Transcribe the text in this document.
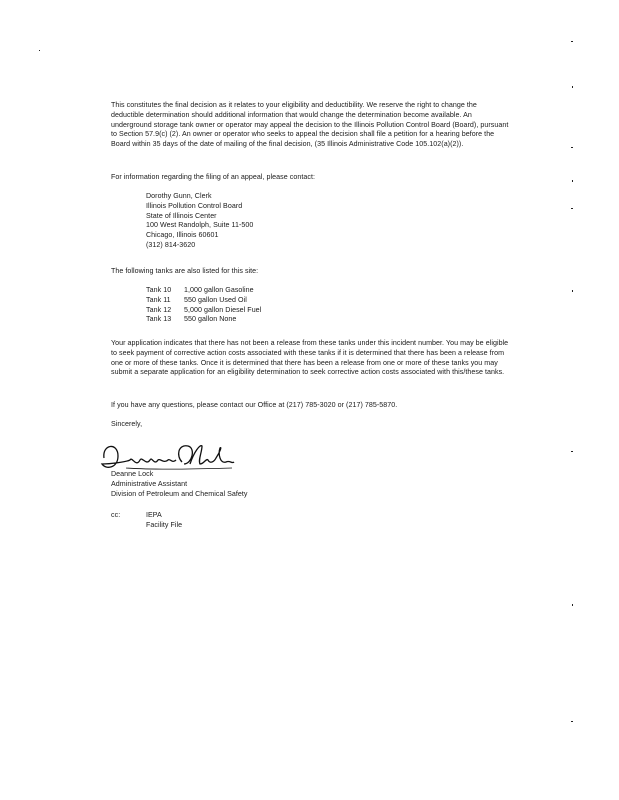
This constitutes the final decision as it relates to your eligibility and deductibility. We reserve the right to change the deductible determination should additional information that would change the determination become available. An underground storage tank owner or operator may appeal the decision to the Illinois Pollution Control Board (Board), pursuant to Section 57.9(c) (2). An owner or operator who seeks to appeal the decision shall file a petition for a hearing before the Board within 35 days of the date of mailing of the final decision, (35 Illinois Administrative Code 105.102(a)(2)).

For information regarding the filing of an appeal, please contact:

Dorothy Gunn, Clerk
Illinois Pollution Control Board
State of Illinois Center
100 West Randolph, Suite 11-500
Chicago, Illinois 60601
(312) 814-3620

The following tanks are also listed for this site:

Tank 10 1,000 gallon Gasoline
Tank 11 550 gallon Used Oil
Tank 12 5,000 gallon Diesel Fuel
Tank 13 550 gallon None

Your application indicates that there has not been a release from these tanks under this incident number. You may be eligible to seek payment of corrective action costs associated with these tanks if it is determined that there has been a release from one or more of these tanks. Once it is determined that there has been a release from one or more of these tanks you may submit a separate application for an eligibility determination to seek corrective action costs associated with this/these tanks.

If you have any questions, please contact our Office at (217) 785-3020 or (217) 785-5870.

Sincerely,

Deanne Lock
Administrative Assistant
Division of Petroleum and Chemical Safety
cc:	IEPA
Facility File
